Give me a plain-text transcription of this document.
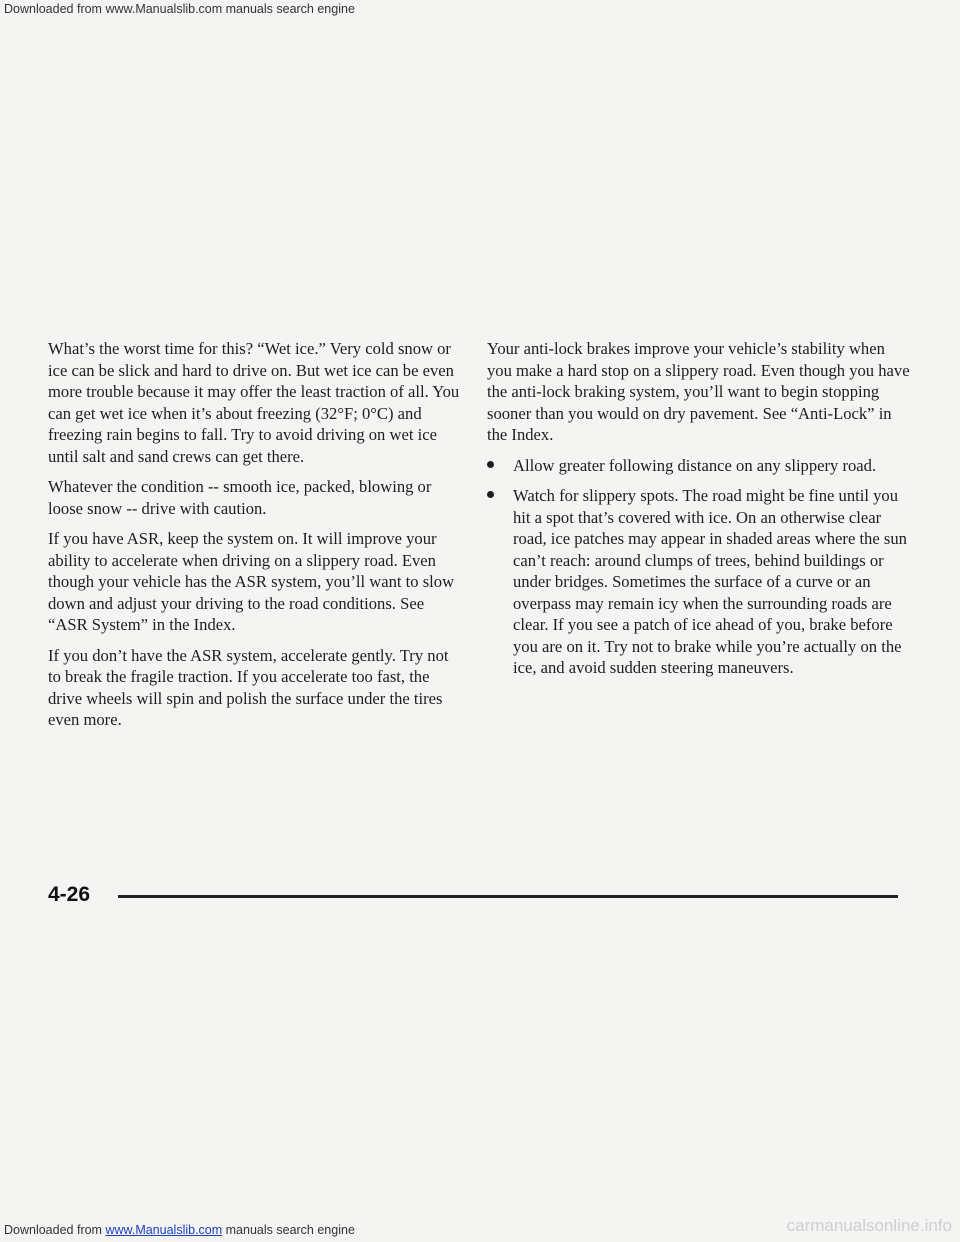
Downloaded from www.Manualslib.com manuals search engine

What’s the worst time for this? “Wet ice.” Very cold snow or ice can be slick and hard to drive on. But wet ice can be even more trouble because it may offer the least traction of all. You can get wet ice when it’s about freezing (32°F; 0°C) and freezing rain begins to fall. Try to avoid driving on wet ice until salt and sand crews can get there.

Whatever the condition -- smooth ice, packed, blowing or loose snow -- drive with caution.

If you have ASR, keep the system on. It will improve your ability to accelerate when driving on a slippery road. Even though your vehicle has the ASR system, you’ll want to slow down and adjust your driving to the road conditions. See “ASR System” in the Index.

If you don’t have the ASR system, accelerate gently. Try not to break the fragile traction. If you accelerate too fast, the drive wheels will spin and polish the surface under the tires even more.

Your anti-lock brakes improve your vehicle’s stability when you make a hard stop on a slippery road. Even though you have the anti-lock braking system, you’ll want to begin stopping sooner than you would on dry pavement. See “Anti-Lock” in the Index.

Allow greater following distance on any slippery road.
Watch for slippery spots. The road might be fine until you hit a spot that’s covered with ice. On an otherwise clear road, ice patches may appear in shaded areas where the sun can’t reach: around clumps of trees, behind buildings or under bridges. Sometimes the surface of a curve or an overpass may remain icy when the surrounding roads are clear. If you see a patch of ice ahead of you, brake before you are on it. Try not to brake while you’re actually on the ice, and avoid sudden steering maneuvers.
4-26
Downloaded from www.Manualslib.com manuals search engine	carmanualsonline.info
